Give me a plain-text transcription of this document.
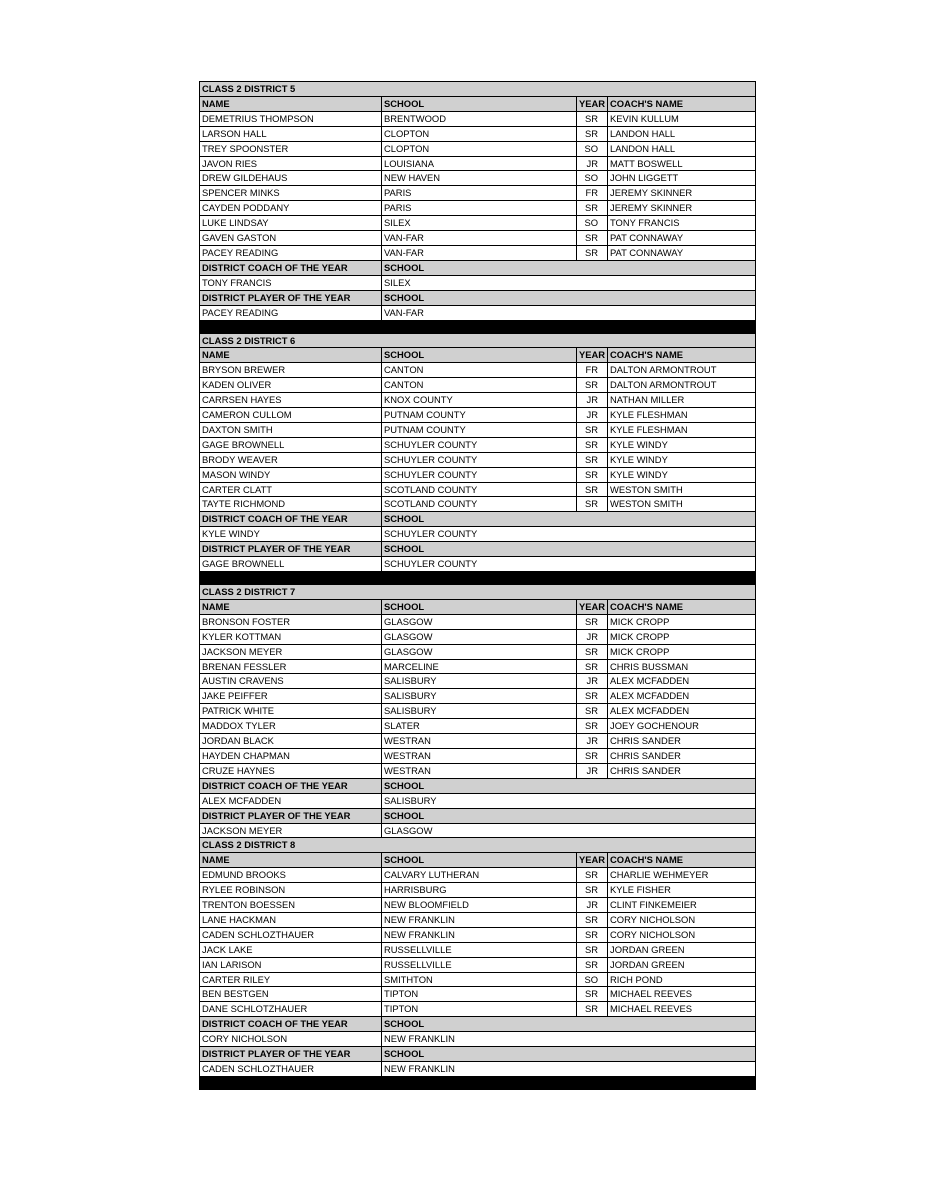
CLASS 2 DISTRICT 5			
NAME	SCHOOL	YEAR	COACH'S NAME
DEMETRIUS THOMPSON	BRENTWOOD	SR	KEVIN KULLUM
LARSON HALL	CLOPTON	SR	LANDON HALL
TREY SPOONSTER	CLOPTON	SO	LANDON HALL
JAVON RIES	LOUISIANA	JR	MATT BOSWELL
DREW GILDEHAUS	NEW HAVEN	SO	JOHN LIGGETT
SPENCER MINKS	PARIS	FR	JEREMY SKINNER
CAYDEN PODDANY	PARIS	SR	JEREMY SKINNER
LUKE LINDSAY	SILEX	SO	TONY FRANCIS
GAVEN GASTON	VAN-FAR	SR	PAT CONNAWAY
PACEY READING	VAN-FAR	SR	PAT CONNAWAY
DISTRICT COACH OF THE YEAR	SCHOOL		
TONY FRANCIS	SILEX		
DISTRICT PLAYER OF THE YEAR	SCHOOL		
PACEY READING	VAN-FAR		

CLASS 2 DISTRICT 6			
NAME	SCHOOL	YEAR	COACH'S NAME
BRYSON BREWER	CANTON	FR	DALTON ARMONTROUT
KADEN OLIVER	CANTON	SR	DALTON ARMONTROUT
CARRSEN HAYES	KNOX COUNTY	JR	NATHAN MILLER
CAMERON CULLOM	PUTNAM COUNTY	JR	KYLE FLESHMAN
DAXTON SMITH	PUTNAM COUNTY	SR	KYLE FLESHMAN
GAGE BROWNELL	SCHUYLER COUNTY	SR	KYLE WINDY
BRODY WEAVER	SCHUYLER COUNTY	SR	KYLE WINDY
MASON WINDY	SCHUYLER COUNTY	SR	KYLE WINDY
CARTER CLATT	SCOTLAND COUNTY	SR	WESTON SMITH
TAYTE RICHMOND	SCOTLAND COUNTY	SR	WESTON SMITH
DISTRICT COACH OF THE YEAR	SCHOOL		
KYLE WINDY	SCHUYLER COUNTY		
DISTRICT PLAYER OF THE YEAR	SCHOOL		
GAGE BROWNELL	SCHUYLER COUNTY		

CLASS 2 DISTRICT 7			
NAME	SCHOOL	YEAR	COACH'S NAME
BRONSON FOSTER	GLASGOW	SR	MICK CROPP
KYLER KOTTMAN	GLASGOW	JR	MICK CROPP
JACKSON MEYER	GLASGOW	SR	MICK CROPP
BRENAN FESSLER	MARCELINE	SR	CHRIS BUSSMAN
AUSTIN CRAVENS	SALISBURY	JR	ALEX MCFADDEN
JAKE PEIFFER	SALISBURY	SR	ALEX MCFADDEN
PATRICK WHITE	SALISBURY	SR	ALEX MCFADDEN
MADDOX TYLER	SLATER	SR	JOEY GOCHENOUR
JORDAN BLACK	WESTRAN	JR	CHRIS SANDER
HAYDEN CHAPMAN	WESTRAN	SR	CHRIS SANDER
CRUZE HAYNES	WESTRAN	JR	CHRIS SANDER
DISTRICT COACH OF THE YEAR	SCHOOL		
ALEX MCFADDEN	SALISBURY		
DISTRICT PLAYER OF THE YEAR	SCHOOL		
JACKSON MEYER	GLASGOW		
CLASS 2 DISTRICT 8			
NAME	SCHOOL	YEAR	COACH'S NAME
EDMUND BROOKS	CALVARY LUTHERAN	SR	CHARLIE WEHMEYER
RYLEE ROBINSON	HARRISBURG	SR	KYLE FISHER
TRENTON BOESSEN	NEW BLOOMFIELD	JR	CLINT FINKEMEIER
LANE HACKMAN	NEW FRANKLIN	SR	CORY NICHOLSON
CADEN SCHLOZTHAUER	NEW FRANKLIN	SR	CORY NICHOLSON
JACK LAKE	RUSSELLVILLE	SR	JORDAN GREEN
IAN LARISON	RUSSELLVILLE	SR	JORDAN GREEN
CARTER RILEY	SMITHTON	SO	RICH POND
BEN BESTGEN	TIPTON	SR	MICHAEL REEVES
DANE SCHLOTZHAUER	TIPTON	SR	MICHAEL REEVES
DISTRICT COACH OF THE YEAR	SCHOOL		
CORY NICHOLSON	NEW FRANKLIN		
DISTRICT PLAYER OF THE YEAR	SCHOOL		
CADEN SCHLOZTHAUER	NEW FRANKLIN		
